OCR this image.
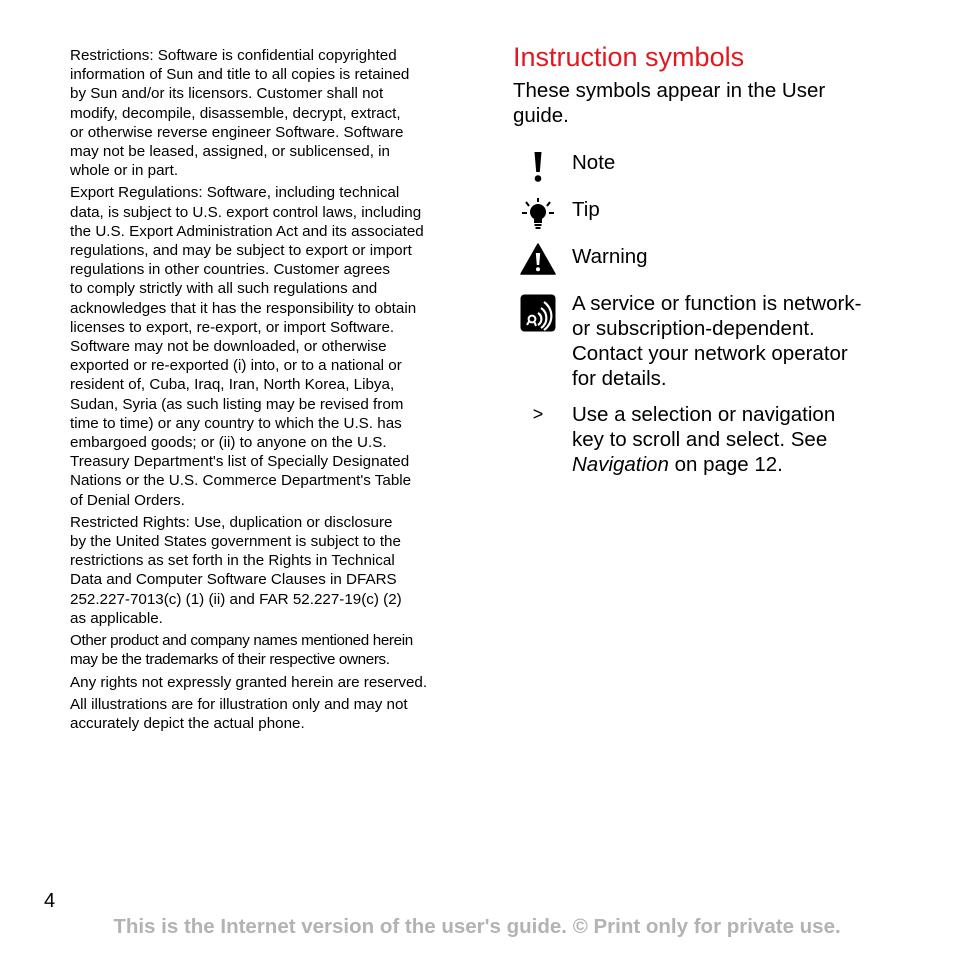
Restrictions: Software is confidential copyrighted
information of Sun and title to all copies is retained
by Sun and/or its licensors. Customer shall not
modify, decompile, disassemble, decrypt, extract,
or otherwise reverse engineer Software. Software
may not be leased, assigned, or sublicensed, in
whole or in part.

Export Regulations: Software, including technical
data, is subject to U.S. export control laws, including
the U.S. Export Administration Act and its associated
regulations, and may be subject to export or import
regulations in other countries. Customer agrees
to comply strictly with all such regulations and
acknowledges that it has the responsibility to obtain
licenses to export, re-export, or import Software.
Software may not be downloaded, or otherwise
exported or re-exported (i) into, or to a national or
resident of, Cuba, Iraq, Iran, North Korea, Libya,
Sudan, Syria (as such listing may be revised from
time to time) or any country to which the U.S. has
embargoed goods; or (ii) to anyone on the U.S.
Treasury Department's list of Specially Designated
Nations or the U.S. Commerce Department's Table
of Denial Orders.

Restricted Rights: Use, duplication or disclosure
by the United States government is subject to the
restrictions as set forth in the Rights in Technical
Data and Computer Software Clauses in DFARS
252.227-7013(c) (1) (ii) and FAR 52.227-19(c) (2)
as applicable.

Other product and company names mentioned herein
may be the trademarks of their respective owners.

Any rights not expressly granted herein are reserved.

All illustrations are for illustration only and may not
accurately depict the actual phone.

Instruction symbols

These symbols appear in the User
guide.

Note
Tip
Warning
A service or function is network-
or subscription-dependent.
Contact your network operator
for details.
>	Use a selection or navigation
key to scroll and select. See
Navigation on page 12.
4
This is the Internet version of the user's guide. © Print only for private use.
